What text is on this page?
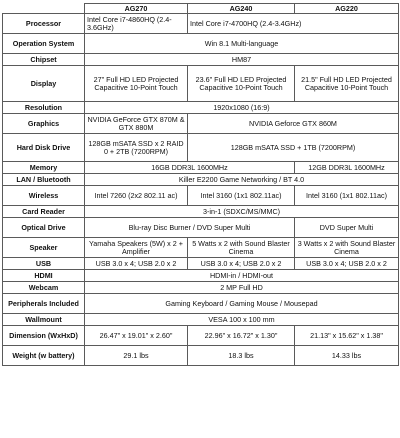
	AG270	AG240	AG220
Processor	Intel Core i7-4860HQ (2.4-3.6GHz)	Intel Core i7-4700HQ (2.4-3.4GHz)	
Operation System	Win 8.1 Multi-language		
Chipset	HM87		
Display	27" Full HD LED Projected Capacitive 10-Point Touch	23.6" Full HD LED Projected Capacitive 10-Point Touch	21.5" Full HD LED Projected Capacitive 10-Point Touch
Resolution	1920x1080 (16:9)		
Graphics	NVIDIA GeForce GTX 870M & GTX 880M	NVIDIA Geforce GTX 860M	
Hard Disk Drive	128GB mSATA SSD x 2 RAID 0 + 2TB (7200RPM)	128GB mSATA SSD + 1TB (7200RPM)	
Memory	16GB DDR3L 1600MHz		12GB DDR3L 1600MHz
LAN / Bluetooth	Killer E2200 Game Networking / BT 4.0		
Wireless	Intel 7260 (2x2 802.11 ac)	Intel 3160 (1x1 802.11ac)	Intel 3160 (1x1 802.11ac)
Card Reader	3-in-1 (SDXC/MS/MMC)		
Optical Drive	Blu-ray Disc Burner / DVD Super Multi		DVD Super Multi
Speaker	Yamaha Speakers (5W) x 2 + Amplifier	5 Watts x 2 with Sound Blaster Cinema	3 Watts x 2 with Sound Blaster Cinema
USB	USB 3.0 x 4; USB 2.0 x 2	USB 3.0 x 4; USB 2.0 x 2	USB 3.0 x 4; USB 2.0 x 2
HDMI	HDMI-in / HDMI-out		
Webcam	2 MP Full HD		
Peripherals Included	Gaming Keyboard / Gaming Mouse / Mousepad		
Wallmount	VESA 100 x 100 mm		
Dimension (WxHxD)	26.47" x 19.01" x 2.60"	22.96" x 16.72" x 1.30"	21.13" x 15.62" x 1.38"
Weight (w battery)	29.1 lbs	18.3 lbs	14.33 lbs
